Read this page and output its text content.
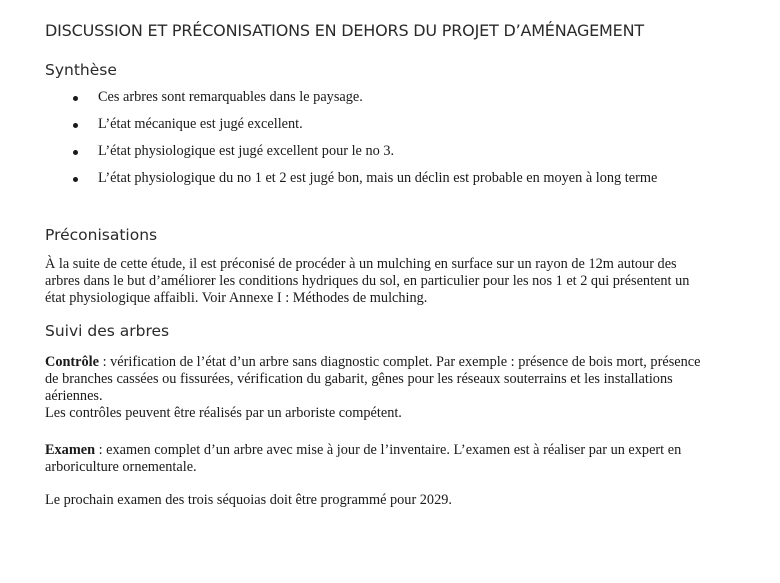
DISCUSSION ET PRÉCONISATIONS EN DEHORS DU PROJET D’AMÉNAGEMENT
Synthèse
Ces arbres sont remarquables dans le paysage.
L’état mécanique est jugé excellent.
L’état physiologique est jugé excellent pour le no 3.
L’état physiologique du no 1 et 2 est jugé bon, mais un déclin est probable en moyen à long terme
Préconisations

À la suite de cette étude, il est préconisé de procéder à un mulching en surface sur un rayon de 12m autour des arbres dans le but d’améliorer les conditions hydriques du sol, en particulier pour les nos 1 et 2 qui présentent un état physiologique affaibli. Voir Annexe I : Méthodes de mulching.

Suivi des arbres

Contrôle : vérification de l’état d’un arbre sans diagnostic complet. Par exemple : présence de bois mort, présence de branches cassées ou fissurées, vérification du gabarit, gênes pour les réseaux souterrains et les installations aériennes.
Les contrôles peuvent être réalisés par un arboriste compétent.

Examen : examen complet d’un arbre avec mise à jour de l’inventaire. L’examen est à réaliser par un expert en arboriculture ornementale.

Le prochain examen des trois séquoias doit être programmé pour 2029.
